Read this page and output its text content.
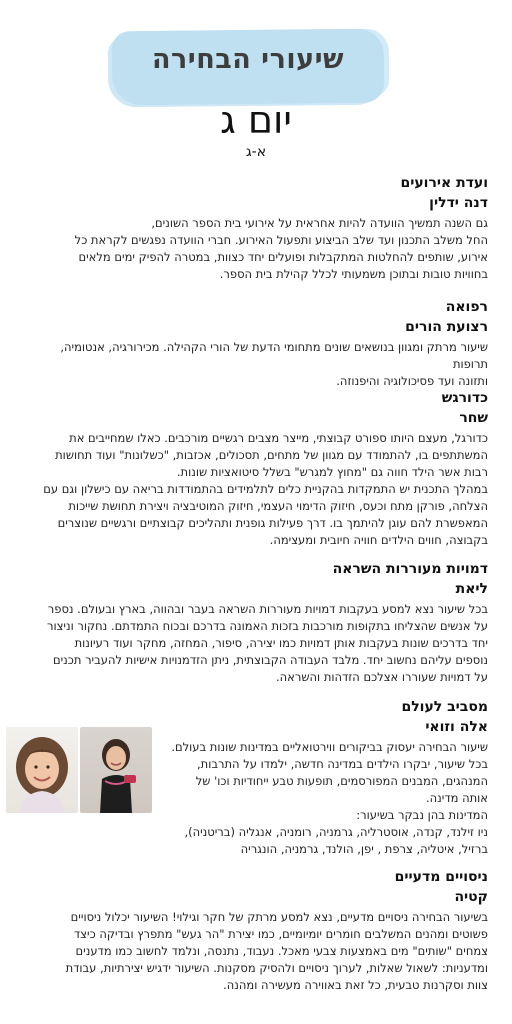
שיעורי הבחירה
יום ג
א-ג
ועדת אירועים
דנה ידלין

גם השנה תמשיך הוועדה להיות אחראית על אירועי בית הספר השונים,

החל משלב התכנון ועד שלב הביצוע ותפעול האירוע. חברי הוועדה נפגשים לקראת כל

אירוע, שותפים להחלטות המתקבלות ופועלים יחד כצוות, במטרה להפיק ימים מלאים

בחוויות טובות ובתוכן משמעותי לכלל קהילת בית הספר.

רפואה
רצועת הורים

שיעור מרתק ומגוון בנושאים שונים מתחומי הדעת של הורי הקהילה. מכירורגיה, אנטומיה, תרופות

ותזונה ועד פסיכולוגיה והיפנוזה.

כדורגש
שחר

כדורגל, מעצם היותו ספורט קבוצתי, מייצר מצבים רגשיים מורכבים. כאלו שמחייבים את

המשתתפים בו, להתמודד עם מגוון של מתחים, תסכולים, אכזבות, "כשלונות" ועוד תחושות

רבות אשר הילד חווה גם "מחוץ למגרש" בשלל סיטואציות שונות.

במהלך התכנית יש התמקדות בהקניית כלים לתלמידים בהתמודדות בריאה עם כישלון וגם עם

הצלחה, פורקן מתח וכעס, חיזוק הדימוי העצמי, חיזוק המוטיבציה ויצירת תחושת שייכות

המאפשרת להם עוגן להיתמך בו. דרך פעילות גופנית ותהליכים קבוצתיים ורגשיים שנוצרים

בקבוצה, חווים הילדים חוויה חיובית ומעצימה.

דמויות מעוררות השראה
ליאת

בכל שיעור נצא למסע בעקבות דמויות מעוררות השראה בעבר ובהווה, בארץ ובעולם. נספר

על אנשים שהצליחו בתקופות מורכבות בזכות האמונה בדרכם ובכוח התמדתם. נחקור וניצור

יחד בדרכים שונות בעקבות אותן דמויות כמו יצירה, סיפור, המחזה, מחקר ועוד רעיונות

נוספים עליהם נחשוב יחד. מלבד העבודה הקבוצתית, ניתן הזדמנויות אישיות להעביר תכנים

על דמויות שעוררו אצלכם הזדהות והשראה.

מסביב לעולם
אלה וזואי

שיעור הבחירה יעסוק בביקורים ווירטואליים במדינות שונות בעולם.

בכל שיעור, יבקרו הילדים במדינה חדשה, ילמדו על התרבות,

המנהגים, המבנים המפורסמים, תופעות טבע ייחודיות וכו' של

אותה מדינה.

המדינות בהן נבקר בשיעור:

ניו זילנד, קנדה, אוסטרליה, גרמניה, רומניה, אנגליה (בריטניה),

ברזיל, איטליה, צרפת , יפן, הולנד, גרמניה, הונגריה

ניסויים מדעיים
קטיה

בשיעור הבחירה ניסויים מדעיים, נצא למסע מרתק של חקר וגילוי! השיעור יכלול ניסויים

פשוטים ומהנים המשלבים חומרים יומיומיים, כמו יצירת "הר געש" מתפרץ ובדיקה כיצד

צמחים "שותים" מים באמצעות צבעי מאכל. נעבוד, נתנסה, ונלמד לחשוב כמו מדענים

ומדעניות: לשאול שאלות, לערוך ניסויים ולהסיק מסקנות. השיעור ידגיש יצירתיות, עבודת

צוות וסקרנות טבעית, כל זאת באווירה מעשירה ומהנה.
